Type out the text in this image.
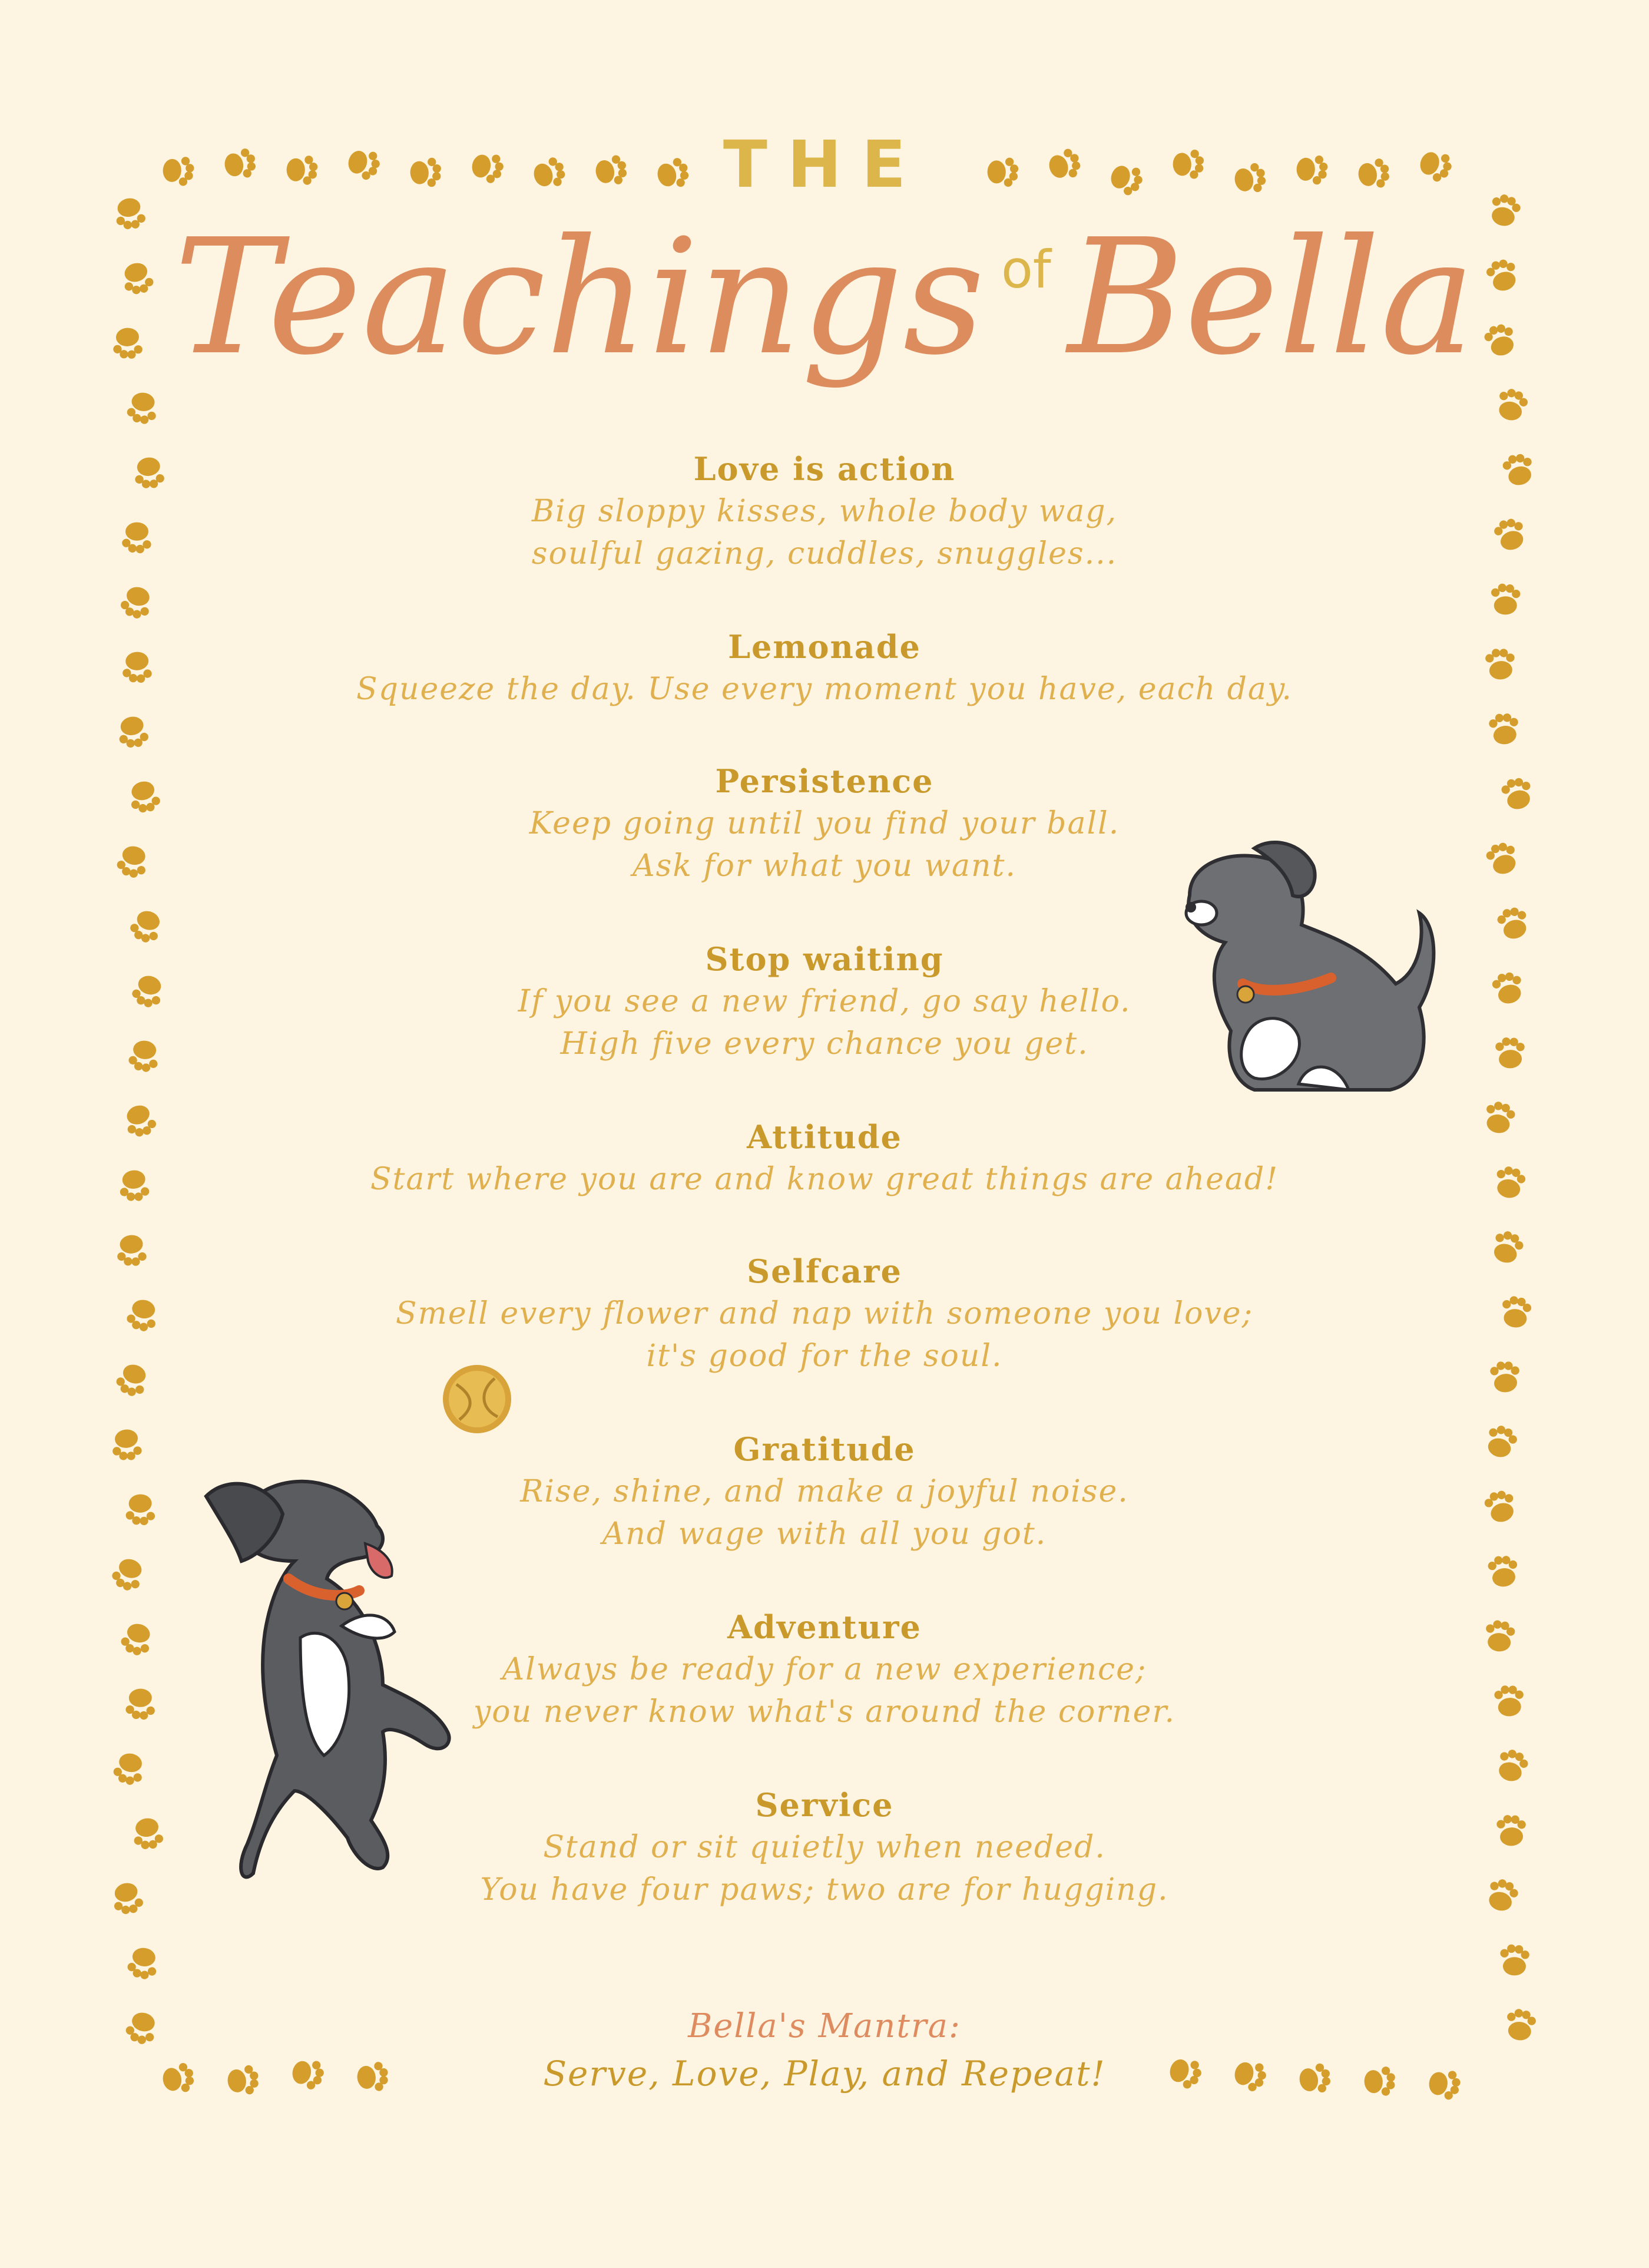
THE
Teachings $^{of}$ Bella
Love is action
Big sloppy kisses, whole body wag,
soulful gazing, cuddles, snuggles...
Lemonade
Squeeze the day. Use every moment you have, each day.
Persistence
Keep going until you find your ball.
Ask for what you want.
Stop waiting
If you see a new friend, go say hello.
High five every chance you get.
Attitude
Start where you are and know great things are ahead!
Selfcare
Smell every flower and nap with someone you love;
it's good for the soul.
Gratitude
Rise, shine, and make a joyful noise.
And wage with all you got.
Adventure
Always be ready for a new experience;
you never know what's around the corner.
Service
Stand or sit quietly when needed.
You have four paws; two are for hugging.
Bella's Mantra:
Serve, Love, Play, and Repeat!
